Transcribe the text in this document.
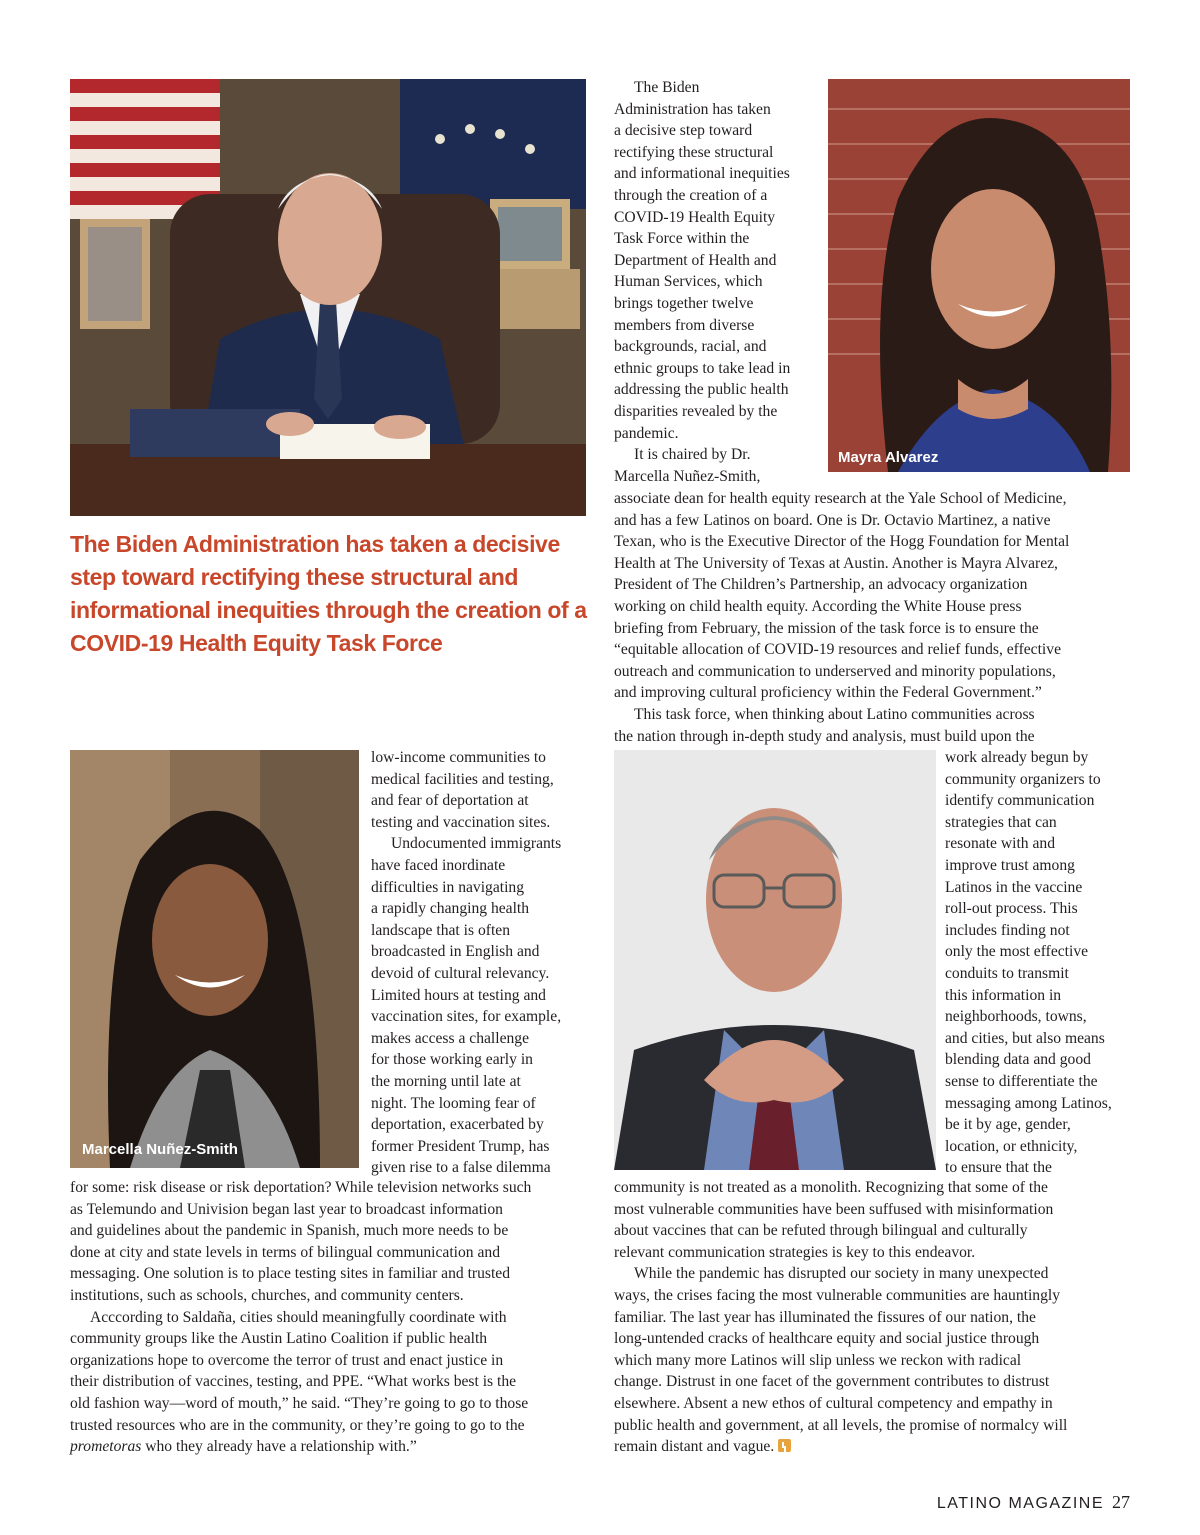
Mayra Alvarez
The Biden Administration has taken a decisive step toward rectifying these structural and informational inequities through the creation of a COVID-19 Health Equity Task Force
Marcella Nuñez-Smith
The Biden
Administration has taken
a decisive step toward
rectifying these structural
and informational inequities
through the creation of a
COVID-19 Health Equity
Task Force within the
Department of Health and
Human Services, which
brings together twelve
members from diverse
backgrounds, racial, and
ethnic groups to take lead in
addressing the public health
disparities revealed by the
pandemic.
It is chaired by Dr.
Marcella Nuñez-Smith,
associate dean for health equity research at the Yale School of Medicine,
and has a few Latinos on board. One is Dr. Octavio Martinez, a native
Texan, who is the Executive Director of the Hogg Foundation for Mental
Health at The University of Texas at Austin. Another is Mayra Alvarez,
President of The Children’s Partnership, an advocacy organization
working on child health equity. According the White House press
briefing from February, the mission of the task force is to ensure the
“equitable allocation of COVID-19 resources and relief funds, effective
outreach and communication to underserved and minority populations,
and improving cultural proficiency within the Federal Government.”
This task force, when thinking about Latino communities across
the nation through in-depth study and analysis, must build upon the
work already begun by
community organizers to
identify communication
strategies that can
resonate with and
improve trust among
Latinos in the vaccine
roll-out process. This
includes finding not
only the most effective
conduits to transmit
this information in
neighborhoods, towns,
and cities, but also means
blending data and good
sense to differentiate the
messaging among Latinos,
be it by age, gender,
location, or ethnicity,
to ensure that the
community is not treated as a monolith. Recognizing that some of the
most vulnerable communities have been suffused with misinformation
about vaccines that can be refuted through bilingual and culturally
relevant communication strategies is key to this endeavor.
While the pandemic has disrupted our society in many unexpected
ways, the crises facing the most vulnerable communities are hauntingly
familiar. The last year has illuminated the fissures of our nation, the
long-untended cracks of healthcare equity and social justice through
which many more Latinos will slip unless we reckon with radical
change. Distrust in one facet of the government contributes to distrust
elsewhere. Absent a new ethos of cultural competency and empathy in
public health and government, at all levels, the promise of normalcy will
remain distant and vague.
low-income communities to
medical facilities and testing,
and fear of deportation at
testing and vaccination sites.
Undocumented immigrants
have faced inordinate
difficulties in navigating
a rapidly changing health
landscape that is often
broadcasted in English and
devoid of cultural relevancy.
Limited hours at testing and
vaccination sites, for example,
makes access a challenge
for those working early in
the morning until late at
night. The looming fear of
deportation, exacerbated by
former President Trump, has
given rise to a false dilemma
for some: risk disease or risk deportation? While television networks such
as Telemundo and Univision began last year to broadcast information
and guidelines about the pandemic in Spanish, much more needs to be
done at city and state levels in terms of bilingual communication and
messaging. One solution is to place testing sites in familiar and trusted
institutions, such as schools, churches, and community centers.
Acccording to Saldaña, cities should meaningfully coordinate with
community groups like the Austin Latino Coalition if public health
organizations hope to overcome the terror of trust and enact justice in
their distribution of vaccines, testing, and PPE. “What works best is the
old fashion way—word of mouth,” he said. “They’re going to go to those
trusted resources who are in the community, or they’re going to go to the
prometoras who they already have a relationship with.”
LATINO MAGAZINE 27
